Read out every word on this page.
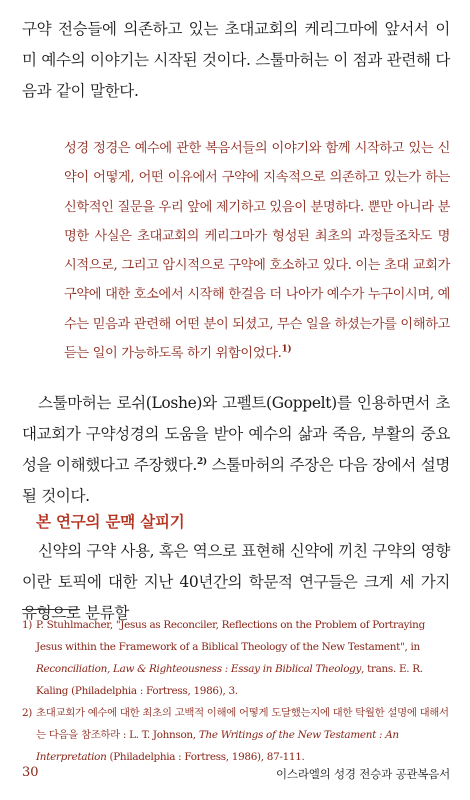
구약 전승들에 의존하고 있는 초대교회의 케리그마에 앞서서 이미 예수의 이야기는 시작된 것이다. 스툴마허는 이 점과 관련해 다음과 같이 말한다.

성경 정경은 예수에 관한 복음서들의 이야기와 함께 시작하고 있는 신약이 어떻게, 어떤 이유에서 구약에 지속적으로 의존하고 있는가 하는 신학적인 질문을 우리 앞에 제기하고 있음이 분명하다. 뿐만 아니라 분명한 사실은 초대교회의 케리그마가 형성된 최초의 과정들조차도 명시적으로, 그리고 암시적으로 구약에 호소하고 있다. 이는 초대 교회가 구약에 대한 호소에서 시작해 한걸음 더 나아가 예수가 누구이시며, 예수는 믿음과 관련해 어떤 분이 되셨고, 무슨 일을 하셨는가를 이해하고 듣는 일이 가능하도록 하기 위함이었다.$^{1)}$

스툴마허는 로쉬(Loshe)와 고펠트(Goppelt)를 인용하면서 초대교회가 구약성경의 도움을 받아 예수의 삶과 죽음, 부활의 중요성을 이해했다고 주장했다.$^{2)}$ 스툴마허의 주장은 다음 장에서 설명될 것이다.

본 연구의 문맥 살피기

신약의 구약 사용, 혹은 역으로 표현해 신약에 끼친 구약의 영향이란 토픽에 대한 지난 40년간의 학문적 연구들은 크게 세 가지 유형으로 분류할

1) P. Stuhlmacher, "Jesus as Reconciler, Reflections on the Problem of Portraying Jesus within the Framework of a Biblical Theology of the New Testament", in Reconciliation, Law & Righteousness : Essay in Biblical Theology, trans. E. R. Kaling (Philadelphia : Fortress, 1986), 3.
2) 초대교회가 예수에 대한 최초의 고백적 이해에 어떻게 도달했는지에 대한 탁월한 설명에 대해서는 다음을 참조하라 : L. T. Johnson, The Writings of the New Testament : An Interpretation (Philadelphia : Fortress, 1986), 87-111.
30	이스라엘의 성경 전승과 공관복음서
